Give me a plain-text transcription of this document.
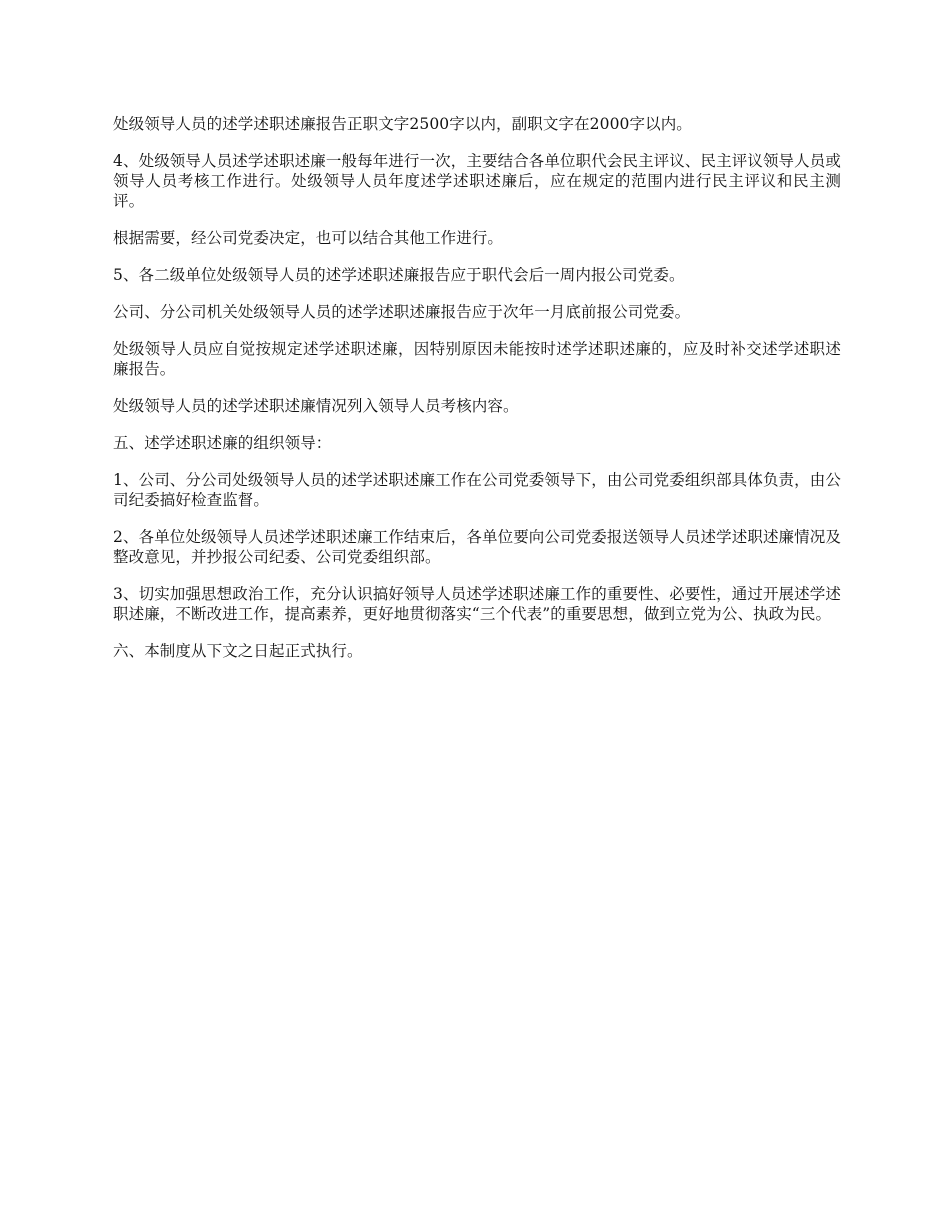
处级领导人员的述学述职述廉报告正职文字2500字以内，副职文字在2000字以内。

4、处级领导人员述学述职述廉一般每年进行一次，主要结合各单位职代会民主评议、民主评议领导人员或领导人员考核工作进行。处级领导人员年度述学述职述廉后，应在规定的范围内进行民主评议和民主测评。

根据需要，经公司党委决定，也可以结合其他工作进行。

5、各二级单位处级领导人员的述学述职述廉报告应于职代会后一周内报公司党委。

公司、分公司机关处级领导人员的述学述职述廉报告应于次年一月底前报公司党委。

处级领导人员应自觉按规定述学述职述廉，因特别原因未能按时述学述职述廉的，应及时补交述学述职述廉报告。

处级领导人员的述学述职述廉情况列入领导人员考核内容。

五、述学述职述廉的组织领导：

1、公司、分公司处级领导人员的述学述职述廉工作在公司党委领导下，由公司党委组织部具体负责，由公司纪委搞好检查监督。

2、各单位处级领导人员述学述职述廉工作结束后，各单位要向公司党委报送领导人员述学述职述廉情况及整改意见，并抄报公司纪委、公司党委组织部。

3、切实加强思想政治工作，充分认识搞好领导人员述学述职述廉工作的重要性、必要性，通过开展述学述职述廉，不断改进工作，提高素养，更好地贯彻落实“三个代表”的重要思想，做到立党为公、执政为民。

六、本制度从下文之日起正式执行。
